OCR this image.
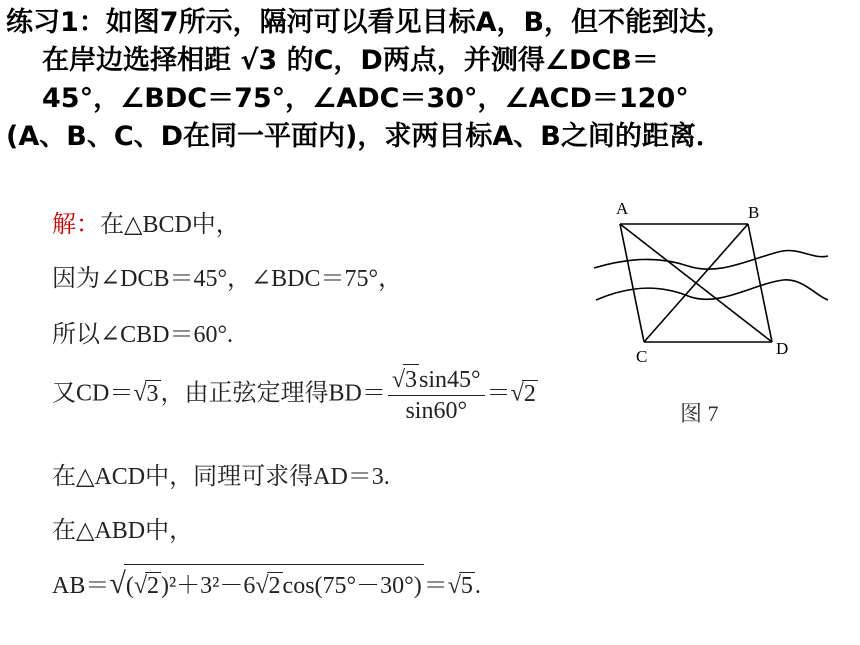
练习1：如图7所示，隔河可以看见目标A，B，但不能到达，
在岸边选择相距 √3 的C，D两点，并测得∠DCB＝
45°，∠BDC＝75°，∠ADC＝30°，∠ACD＝120°
(A、B、C、D在同一平面内)，求两目标A、B之间的距离．
解：在△BCD中，
因为∠DCB＝45°，∠BDC＝75°，
所以∠CBD＝60°.
又CD＝√3，由正弦定理得$BD= \frac{√3\sin 45^\circ}{\sin 60^\circ} =√2$
在△ACD中，同理可求得AD＝3.
在△ABD中，
AB＝√(√2)²＋3²－6√2cos(75°－30°)＝√5.
A	B
C	D
图 7
